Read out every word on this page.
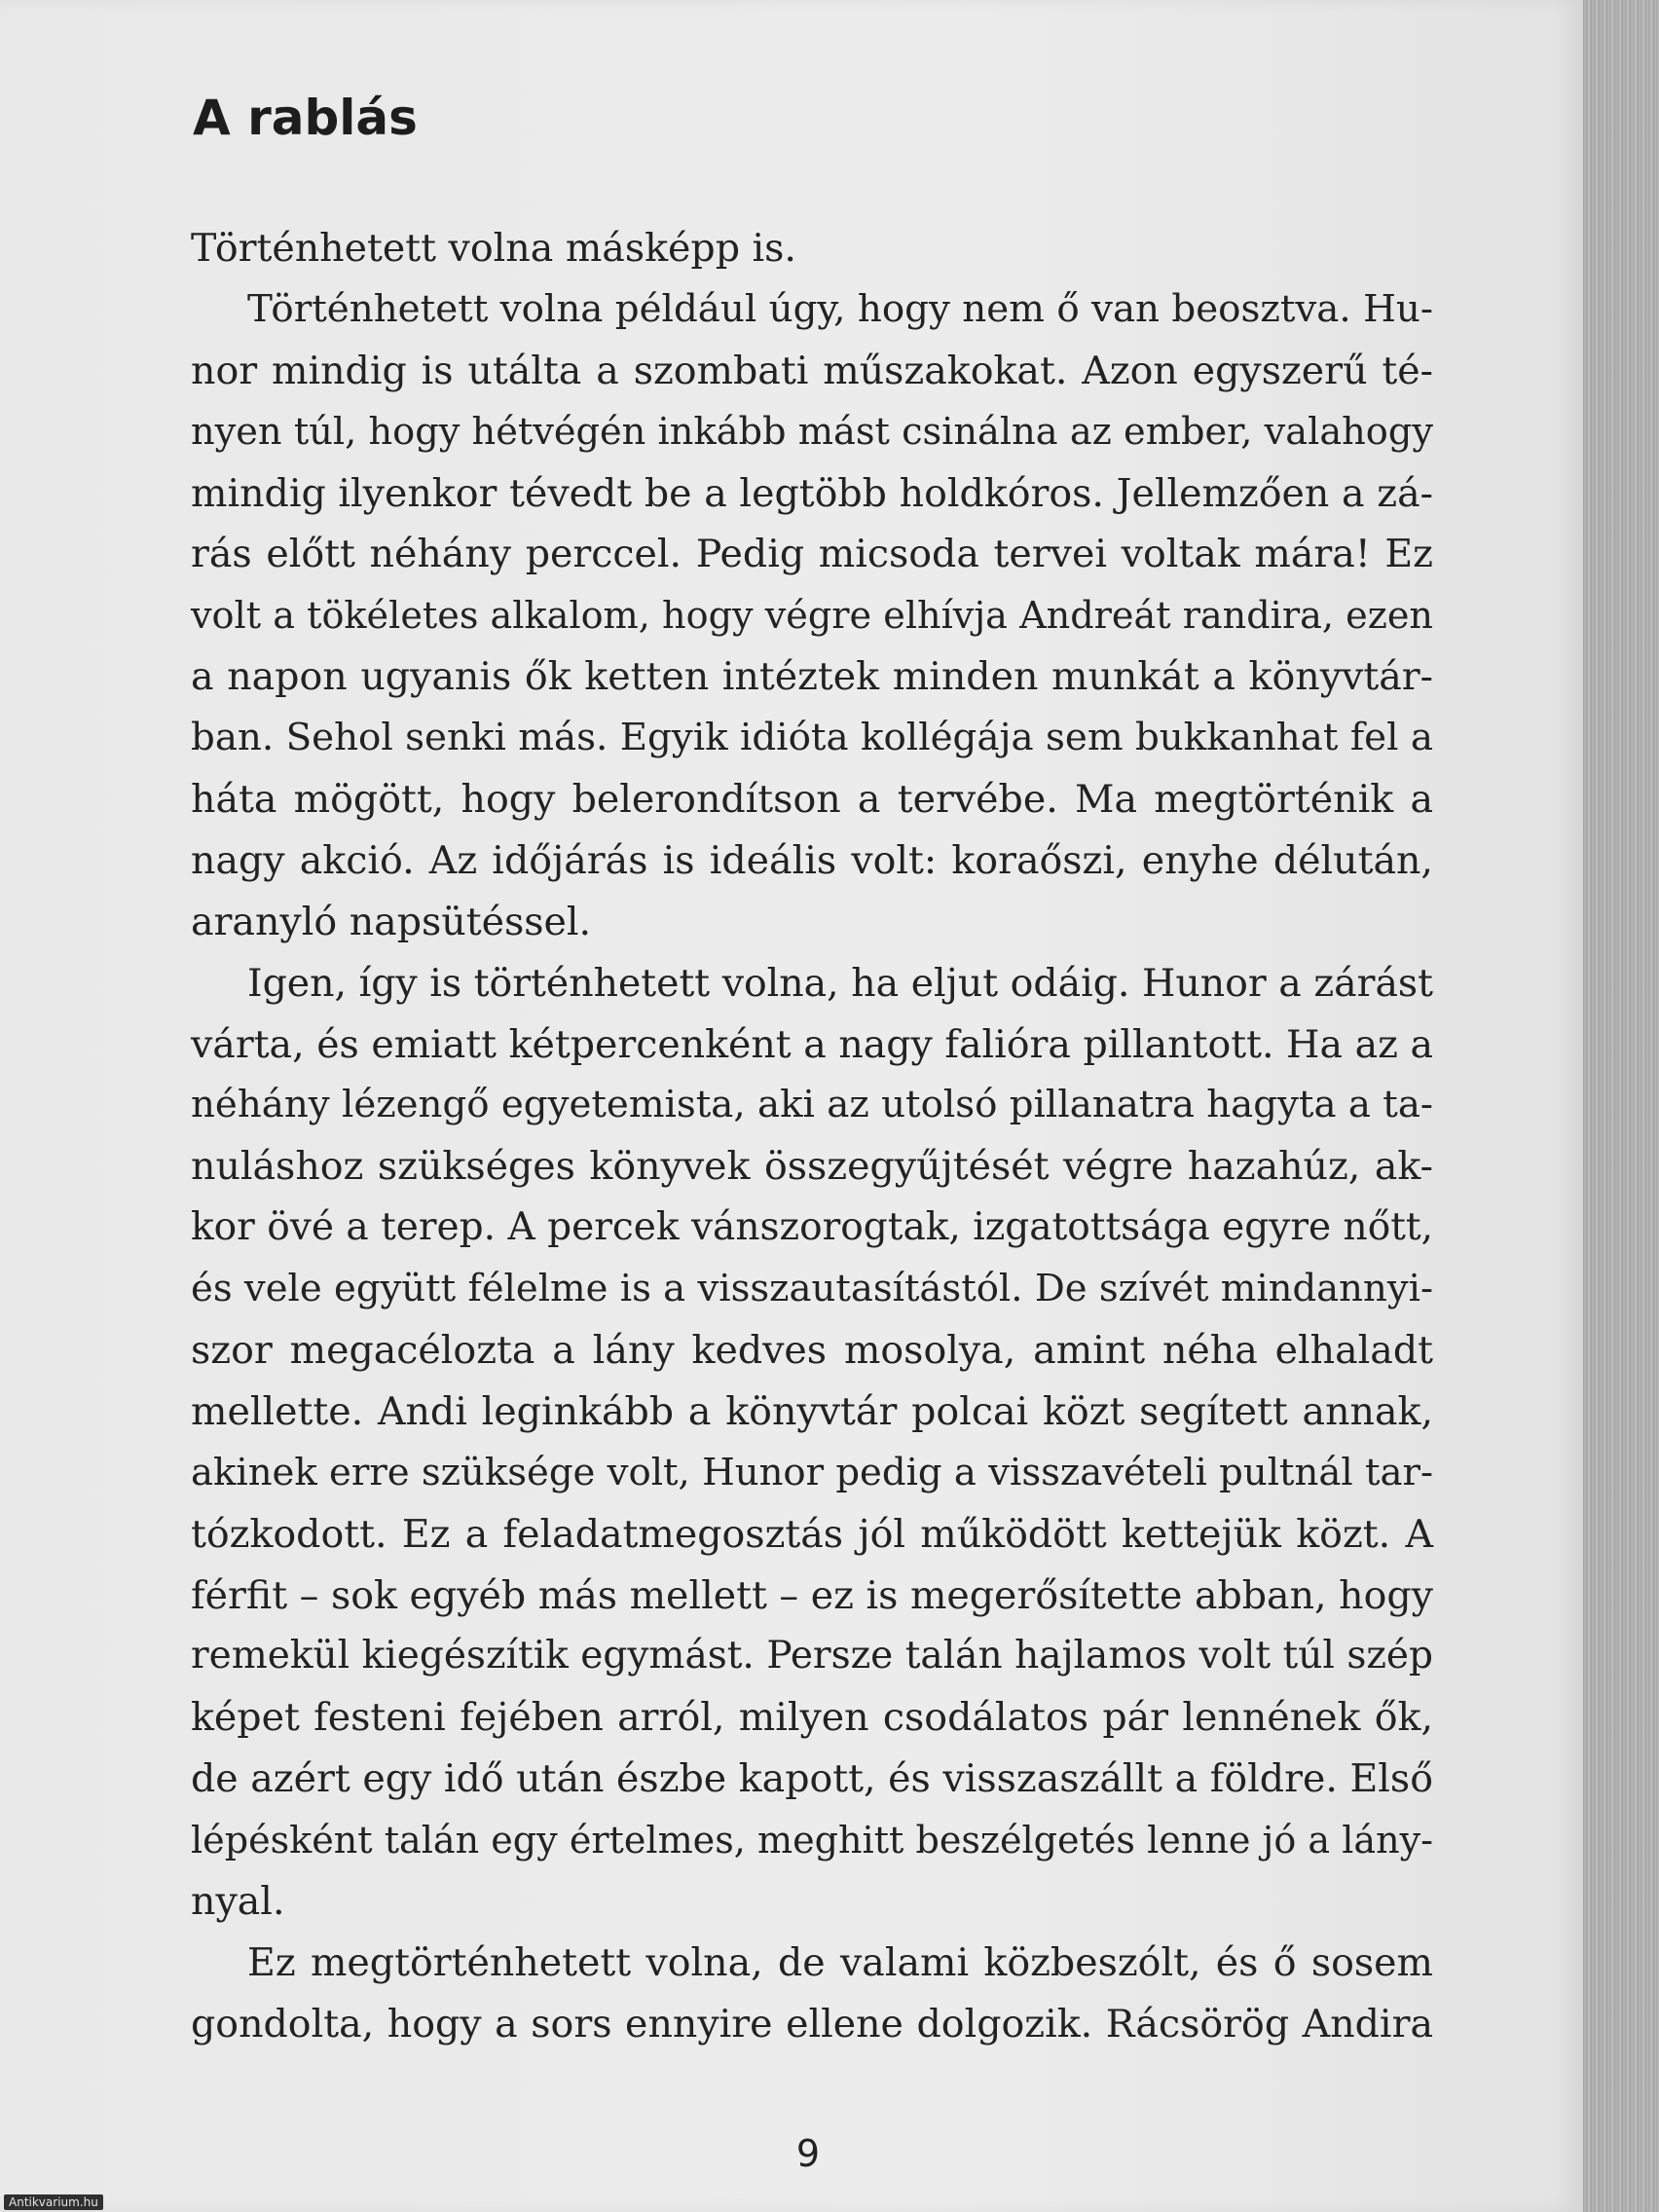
A rablás
Történhetett volna másképp is.
Történhetett volna például úgy, hogy nem ő van beosztva. Hu-
nor mindig is utálta a szombati műszakokat. Azon egyszerű té-
nyen túl, hogy hétvégén inkább mást csinálna az ember, valahogy
mindig ilyenkor tévedt be a legtöbb holdkóros. Jellemzően a zá-
rás előtt néhány perccel. Pedig micsoda tervei voltak mára! Ez
volt a tökéletes alkalom, hogy végre elhívja Andreát randira, ezen
a napon ugyanis ők ketten intéztek minden munkát a könyvtár-
ban. Sehol senki más. Egyik idióta kollégája sem bukkanhat fel a
háta mögött, hogy belerondítson a tervébe. Ma megtörténik a
nagy akció. Az időjárás is ideális volt: koraőszi, enyhe délután,
aranyló napsütéssel.
Igen, így is történhetett volna, ha eljut odáig. Hunor a zárást
várta, és emiatt kétpercenként a nagy falióra pillantott. Ha az a
néhány lézengő egyetemista, aki az utolsó pillanatra hagyta a ta-
nuláshoz szükséges könyvek összegyűjtését végre hazahúz, ak-
kor övé a terep. A percek vánszorogtak, izgatottsága egyre nőtt,
és vele együtt félelme is a visszautasítástól. De szívét mindannyi-
szor megacélozta a lány kedves mosolya, amint néha elhaladt
mellette. Andi leginkább a könyvtár polcai közt segített annak,
akinek erre szüksége volt, Hunor pedig a visszavételi pultnál tar-
tózkodott. Ez a feladatmegosztás jól működött kettejük közt. A
férfit – sok egyéb más mellett – ez is megerősítette abban, hogy
remekül kiegészítik egymást. Persze talán hajlamos volt túl szép
képet festeni fejében arról, milyen csodálatos pár lennének ők,
de azért egy idő után észbe kapott, és visszaszállt a földre. Első
lépésként talán egy értelmes, meghitt beszélgetés lenne jó a lány-
nyal.
Ez megtörténhetett volna, de valami közbeszólt, és ő sosem
gondolta, hogy a sors ennyire ellene dolgozik. Rácsörög Andira
9
Antikvarium.hu
